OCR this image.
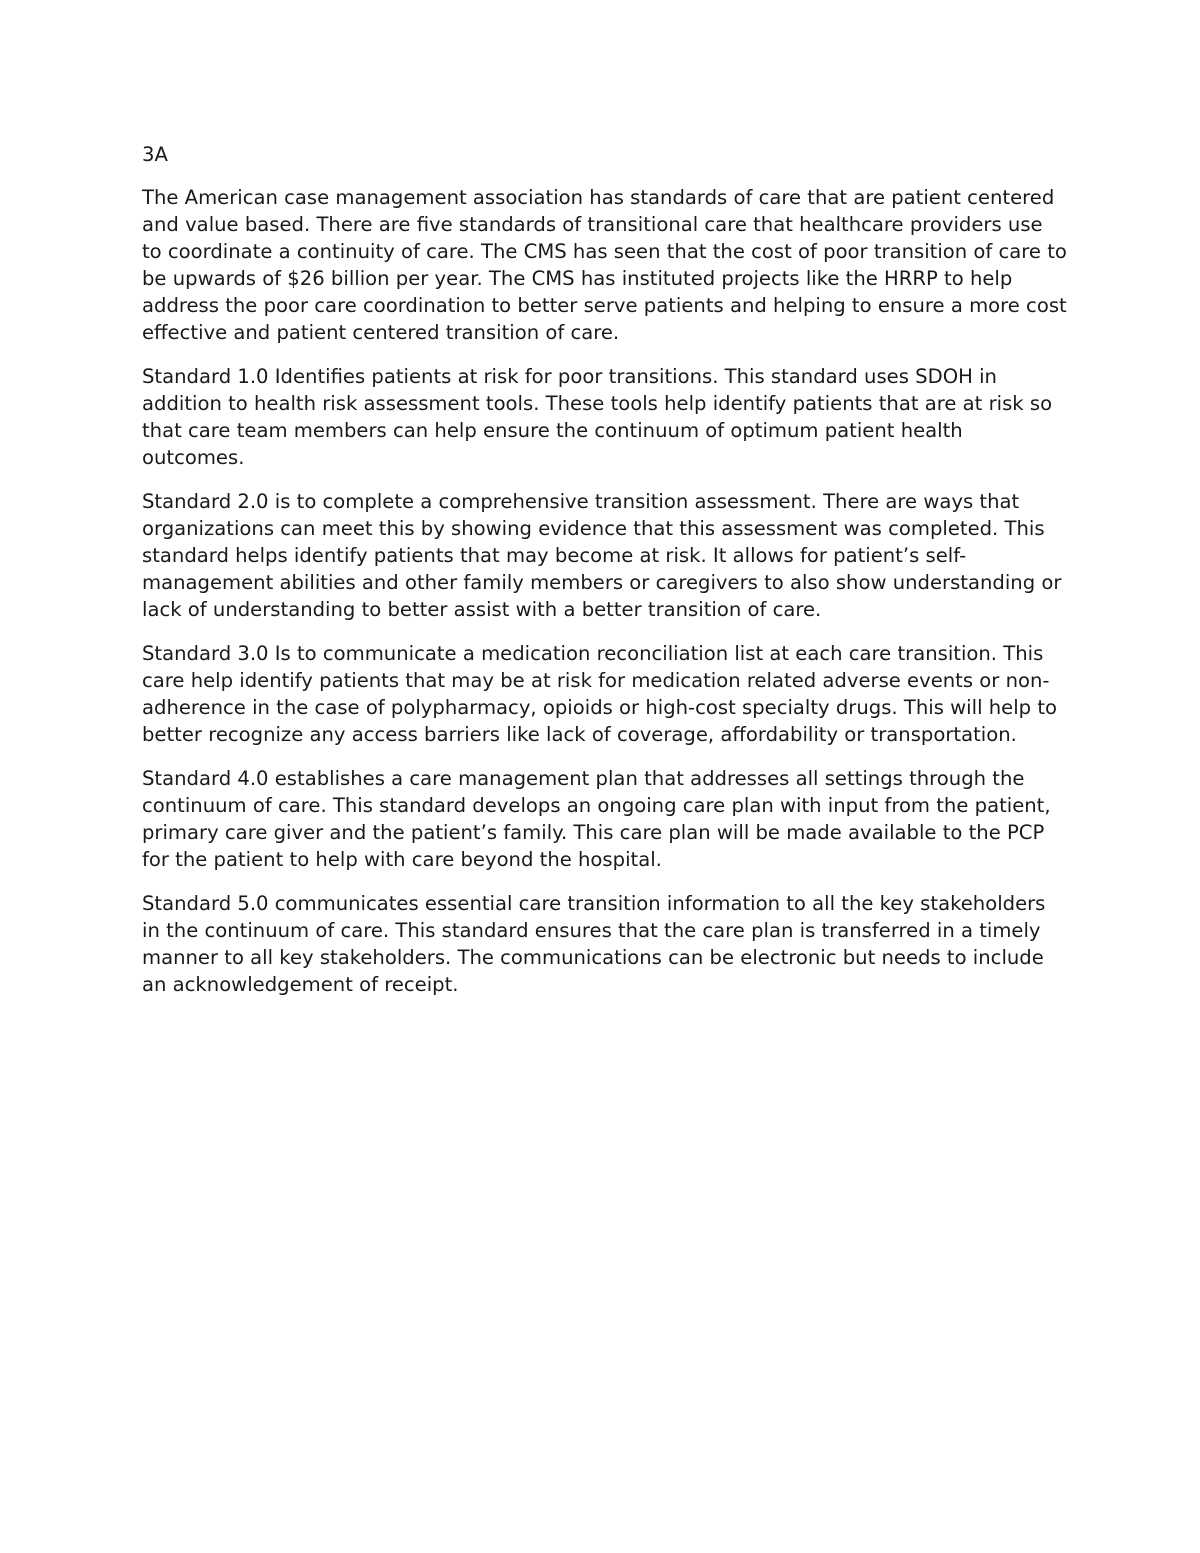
3A

The American case management association has standards of care that are patient centered and value based. There are five standards of transitional care that healthcare providers use to coordinate a continuity of care. The CMS has seen that the cost of poor transition of care to be upwards of $26 billion per year. The CMS has instituted projects like the HRRP to help address the poor care coordination to better serve patients and helping to ensure a more cost effective and patient centered transition of care.

Standard 1.0 Identifies patients at risk for poor transitions. This standard uses SDOH in addition to health risk assessment tools. These tools help identify patients that are at risk so that care team members can help ensure the continuum of optimum patient health outcomes.

Standard 2.0 is to complete a comprehensive transition assessment. There are ways that organizations can meet this by showing evidence that this assessment was completed. This standard helps identify patients that may become at risk. It allows for patient’s self-management abilities and other family members or caregivers to also show understanding or lack of understanding to better assist with a better transition of care.

Standard 3.0 Is to communicate a medication reconciliation list at each care transition. This care help identify patients that may be at risk for medication related adverse events or non-adherence in the case of polypharmacy, opioids or high-cost specialty drugs. This will help to better recognize any access barriers like lack of coverage, affordability or transportation.

Standard 4.0 establishes a care management plan that addresses all settings through the continuum of care. This standard develops an ongoing care plan with input from the patient, primary care giver and the patient’s family. This care plan will be made available to the PCP for the patient to help with care beyond the hospital.

Standard 5.0 communicates essential care transition information to all the key stakeholders in the continuum of care. This standard ensures that the care plan is transferred in a timely manner to all key stakeholders. The communications can be electronic but needs to include an acknowledgement of receipt.
